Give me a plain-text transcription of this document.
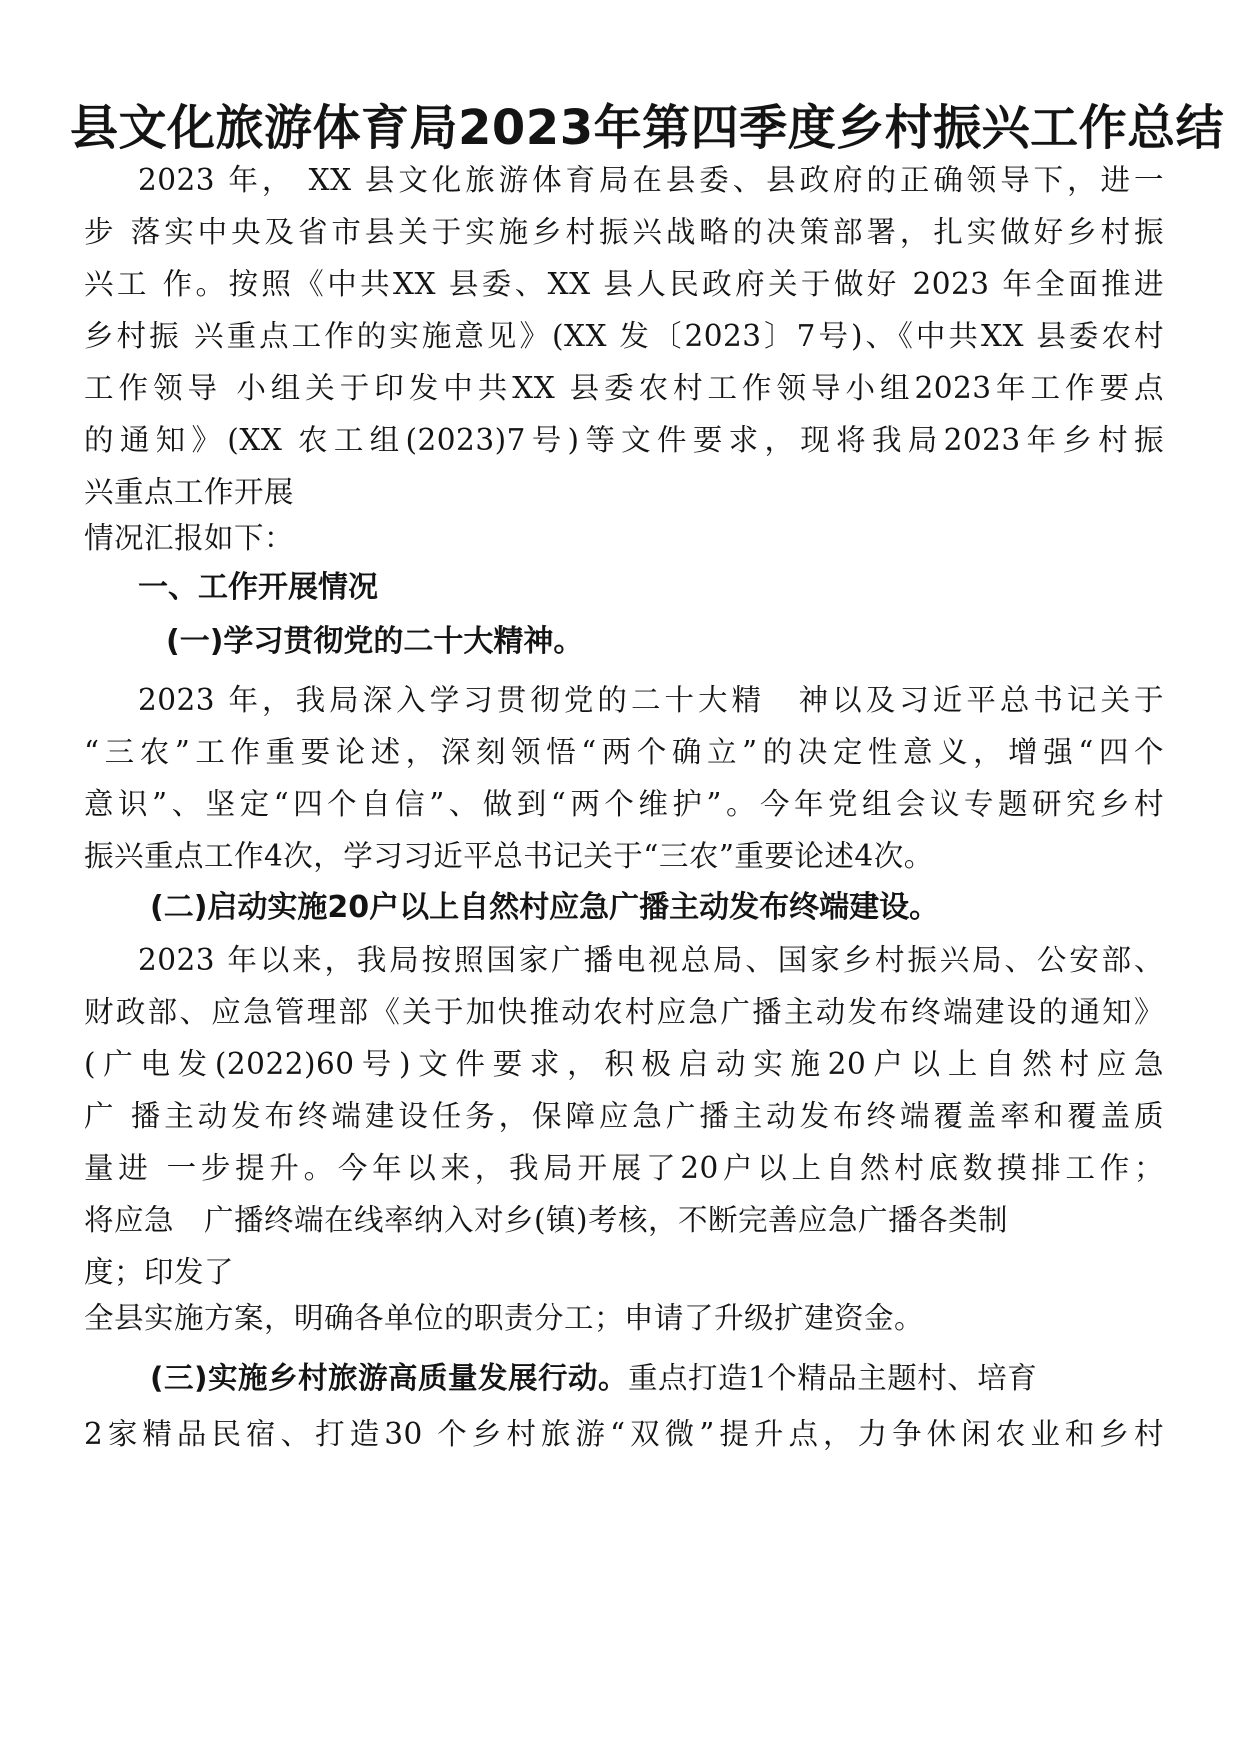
县文化旅游体育局2023年第四季度乡村振兴工作总结
2023 年， XX 县文化旅游体育局在县委、县政府的正确领导下，进一
步 落实中央及省市县关于实施乡村振兴战略的决策部署，扎实做好乡村振
兴工 作。按照《中共XX 县委、XX 县人民政府关于做好 2023 年全面推进
乡村振 兴重点工作的实施意见》(XX 发〔2023〕7号)、《中共XX 县委农村
工作领导 小组关于印发中共XX 县委农村工作领导小组2023年工作要点
的通知》(XX 农工组(2023)7号)等文件要求，现将我局2023年乡村振
兴重点工作开展
情况汇报如下：
一、工作开展情况
(一)学习贯彻党的二十大精神。
2023 年，我局深入学习贯彻党的二十大精　神以及习近平总书记关于
“三农”工作重要论述，深刻领悟“两个确立”的决定性意义，增强“四个
意识”、坚定“四个自信”、做到“两个维护”。今年党组会议专题研究乡村
振兴重点工作4次，学习习近平总书记关于“三农”重要论述4次。
(二)启动实施20户以上自然村应急广播主动发布终端建设。
2023 年以来，我局按照国家广播电视总局、国家乡村振兴局、公安部、
财政部、应急管理部《关于加快推动农村应急广播主动发布终端建设的通知》
(广电发(2022)60号)文件要求，积极启动实施20户以上自然村应急
广 播主动发布终端建设任务，保障应急广播主动发布终端覆盖率和覆盖质
量进 一步提升。今年以来，我局开展了20户以上自然村底数摸排工作；
将应急　广播终端在线率纳入对乡(镇)考核，不断完善应急广播各类制
度；印发了
全县实施方案，明确各单位的职责分工；申请了升级扩建资金。
(三)实施乡村旅游高质量发展行动。重点打造1个精品主题村、培育
2家精品民宿、打造30 个乡村旅游“双微”提升点，力争休闲农业和乡村
